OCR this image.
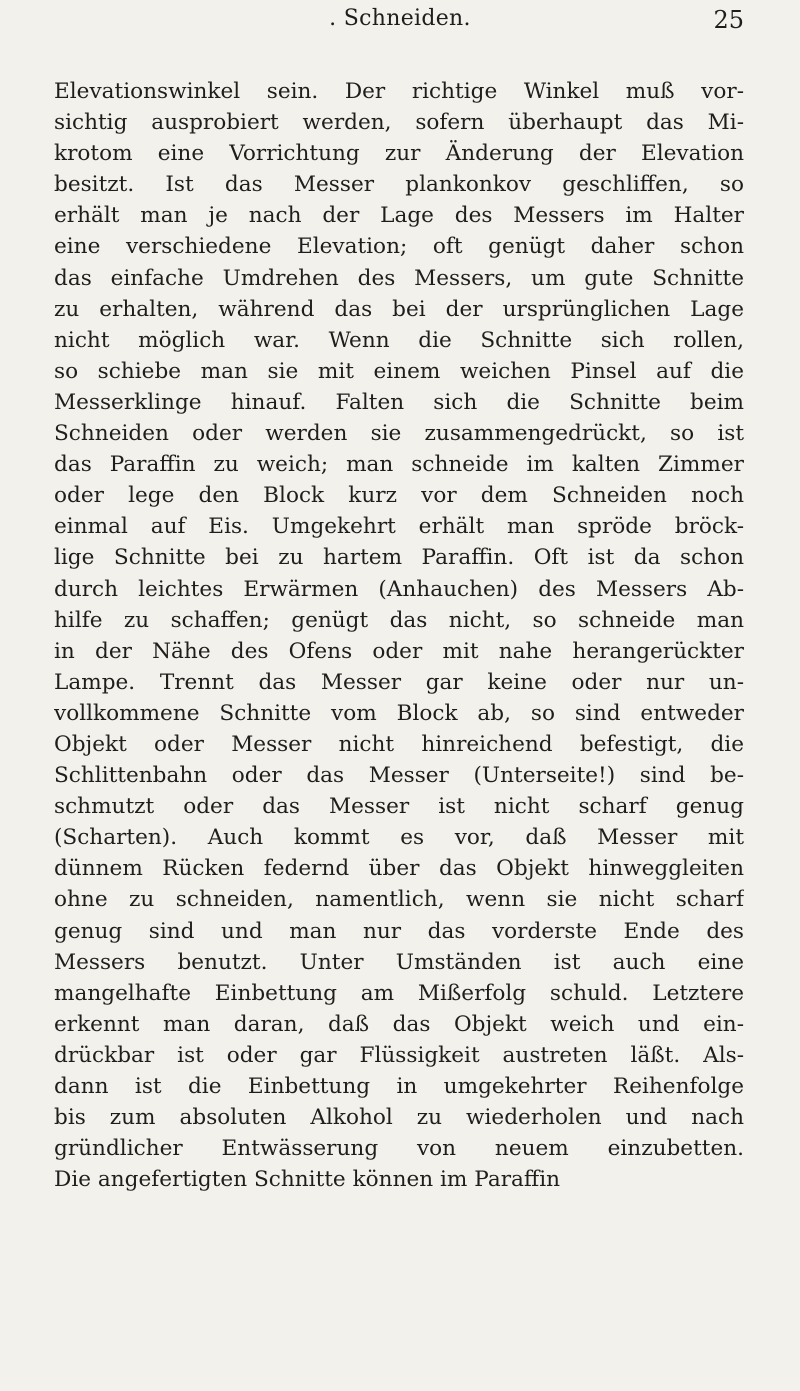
. Schneiden.	25
Elevationswinkel sein. Der richtige Winkel muß vor-
sichtig ausprobiert werden, sofern überhaupt das Mi-
krotom eine Vorrichtung zur Änderung der Elevation
besitzt. Ist das Messer plankonkov geschliffen, so
erhält man je nach der Lage des Messers im Halter
eine verschiedene Elevation; oft genügt daher schon
das einfache Umdrehen des Messers, um gute Schnitte
zu erhalten, während das bei der ursprünglichen Lage
nicht möglich war. Wenn die Schnitte sich rollen,
so schiebe man sie mit einem weichen Pinsel auf die
Messerklinge hinauf. Falten sich die Schnitte beim
Schneiden oder werden sie zusammengedrückt, so ist
das Paraffin zu weich; man schneide im kalten Zimmer
oder lege den Block kurz vor dem Schneiden noch
einmal auf Eis. Umgekehrt erhält man spröde bröck-
lige Schnitte bei zu hartem Paraffin. Oft ist da schon
durch leichtes Erwärmen (Anhauchen) des Messers Ab-
hilfe zu schaffen; genügt das nicht, so schneide man
in der Nähe des Ofens oder mit nahe herangerückter
Lampe. Trennt das Messer gar keine oder nur un-
vollkommene Schnitte vom Block ab, so sind entweder
Objekt oder Messer nicht hinreichend befestigt, die
Schlittenbahn oder das Messer (Unterseite!) sind be-
schmutzt oder das Messer ist nicht scharf genug
(Scharten). Auch kommt es vor, daß Messer mit
dünnem Rücken federnd über das Objekt hinweggleiten
ohne zu schneiden, namentlich, wenn sie nicht scharf
genug sind und man nur das vorderste Ende des
Messers benutzt. Unter Umständen ist auch eine
mangelhafte Einbettung am Mißerfolg schuld. Letztere
erkennt man daran, daß das Objekt weich und ein-
drückbar ist oder gar Flüssigkeit austreten läßt. Als-
dann ist die Einbettung in umgekehrter Reihenfolge
bis zum absoluten Alkohol zu wiederholen und nach
gründlicher Entwässerung von neuem einzubetten.
Die angefertigten Schnitte können im Paraffin
